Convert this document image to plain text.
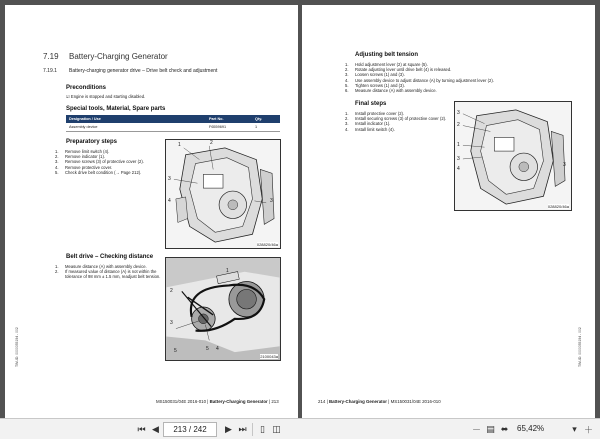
7.19 Battery-Charging Generator
7.19.1 Battery-charging generator drive – Drive belt check and adjustment
Preconditions
☑ Engine is stopped and starting disabled.
Special tools, Material, Spare parts
Designation / Use	Part No.	Qty.
Assembly device	F6559691	1
Preparatory steps
1.	Remove limit switch (4).
2.	Remove indicator (1).
3.	Remove screws (3) of protective cover (2).
4.	Remove protective cover.
5.	Check drive belt condition (→ Page 212).
1	2
3
4	3
028820/46a
Belt drive – Checking distance
1.	Measure distance (A) with assembly device.
2.	If measured value of distance (A) is not within the tolerance of 98 mm ± 1.5 mm, readjust belt tension.
1
2
3
5 4
5
2100043a
MS150031/04E 2016-010 | Battery-Charging Generator | 213
TIM-ID: 0000055194 - 002
Adjusting belt tension
1.	Hold adjustment lever (2) at square (5).
2.	Rotate adjusting lever until drive belt (4) is released.
3.	Loosen screws (1) and (3).
4.	Use assembly device to adjust distance (A) by turning adjustment lever (2).
5.	Tighten screws (1) and (3).
6.	Measure distance (A) with assembly device.
Final steps
1.	Install protective cover (2).
2.	Install securing screws (3) of protective cover (2).
3.	Install indicator (1).
4.	Install limit switch (4).
3
2
1
3
4
3
028820/46a
214 | Battery-Charging Generator | MS150031/04E 2016-010
TIM-ID: 0000055194 - 002
⏮ ◀	213 / 242	▶ ⏭	▯ ◫	▤ ⬌
－	65,42%	▾ ＋
